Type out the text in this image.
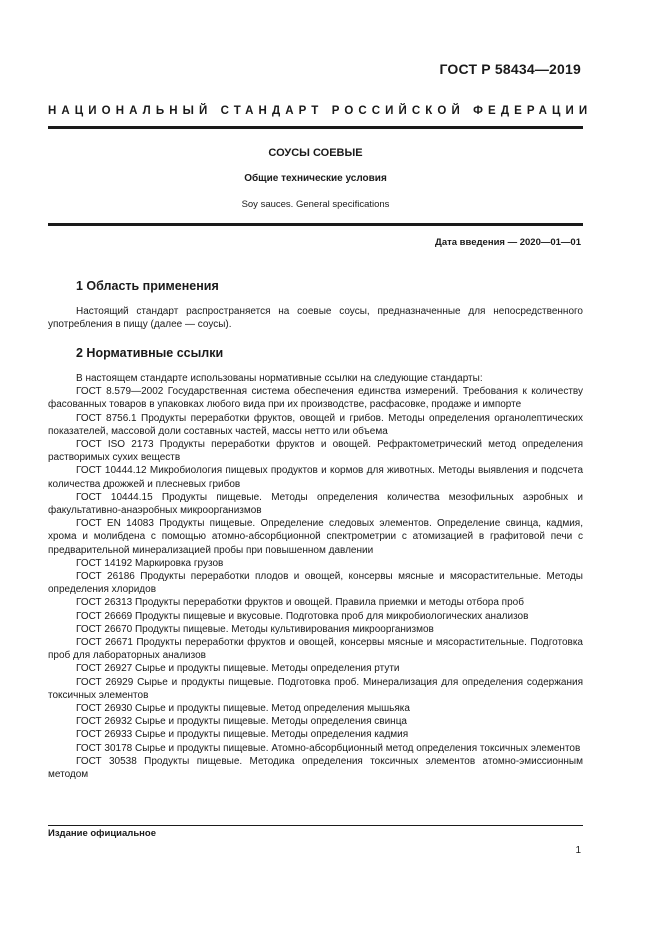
ГОСТ Р 58434—2019
НАЦИОНАЛЬНЫЙ СТАНДАРТ РОССИЙСКОЙ ФЕДЕРАЦИИ
СОУСЫ СОЕВЫЕ
Общие технические условия
Soy sauces. General specifications
Дата введения — 2020—01—01
1 Область применения

Настоящий стандарт распространяется на соевые соусы, предназначенные для непосредственного употребления в пищу (далее — соусы).

2 Нормативные ссылки

В настоящем стандарте использованы нормативные ссылки на следующие стандарты:

ГОСТ 8.579—2002 Государственная система обеспечения единства измерений. Требования к количеству фасованных товаров в упаковках любого вида при их производстве, расфасовке, продаже и импорте

ГОСТ 8756.1 Продукты переработки фруктов, овощей и грибов. Методы определения органолептических показателей, массовой доли составных частей, массы нетто или объема

ГОСТ ISO 2173 Продукты переработки фруктов и овощей. Рефрактометрический метод определения растворимых сухих веществ

ГОСТ 10444.12 Микробиология пищевых продуктов и кормов для животных. Методы выявления и подсчета количества дрожжей и плесневых грибов

ГОСТ 10444.15 Продукты пищевые. Методы определения количества мезофильных аэробных и факультативно-анаэробных микроорганизмов

ГОСТ EN 14083 Продукты пищевые. Определение следовых элементов. Определение свинца, кадмия, хрома и молибдена с помощью атомно-абсорбционной спектрометрии с атомизацией в графитовой печи с предварительной минерализацией пробы при повышенном давлении

ГОСТ 14192 Маркировка грузов

ГОСТ 26186 Продукты переработки плодов и овощей, консервы мясные и мясорастительные. Методы определения хлоридов

ГОСТ 26313 Продукты переработки фруктов и овощей. Правила приемки и методы отбора проб

ГОСТ 26669 Продукты пищевые и вкусовые. Подготовка проб для микробиологических анализов

ГОСТ 26670 Продукты пищевые. Методы культивирования микроорганизмов

ГОСТ 26671 Продукты переработки фруктов и овощей, консервы мясные и мясорастительные. Подготовка проб для лабораторных анализов

ГОСТ 26927 Сырье и продукты пищевые. Методы определения ртути

ГОСТ 26929 Сырье и продукты пищевые. Подготовка проб. Минерализация для определения содержания токсичных элементов

ГОСТ 26930 Сырье и продукты пищевые. Метод определения мышьяка

ГОСТ 26932 Сырье и продукты пищевые. Методы определения свинца

ГОСТ 26933 Сырье и продукты пищевые. Методы определения кадмия

ГОСТ 30178 Сырье и продукты пищевые. Атомно-абсорбционный метод определения токсичных элементов

ГОСТ 30538 Продукты пищевые. Методика определения токсичных элементов атомно-эмиссионным методом

Издание официальное
1
